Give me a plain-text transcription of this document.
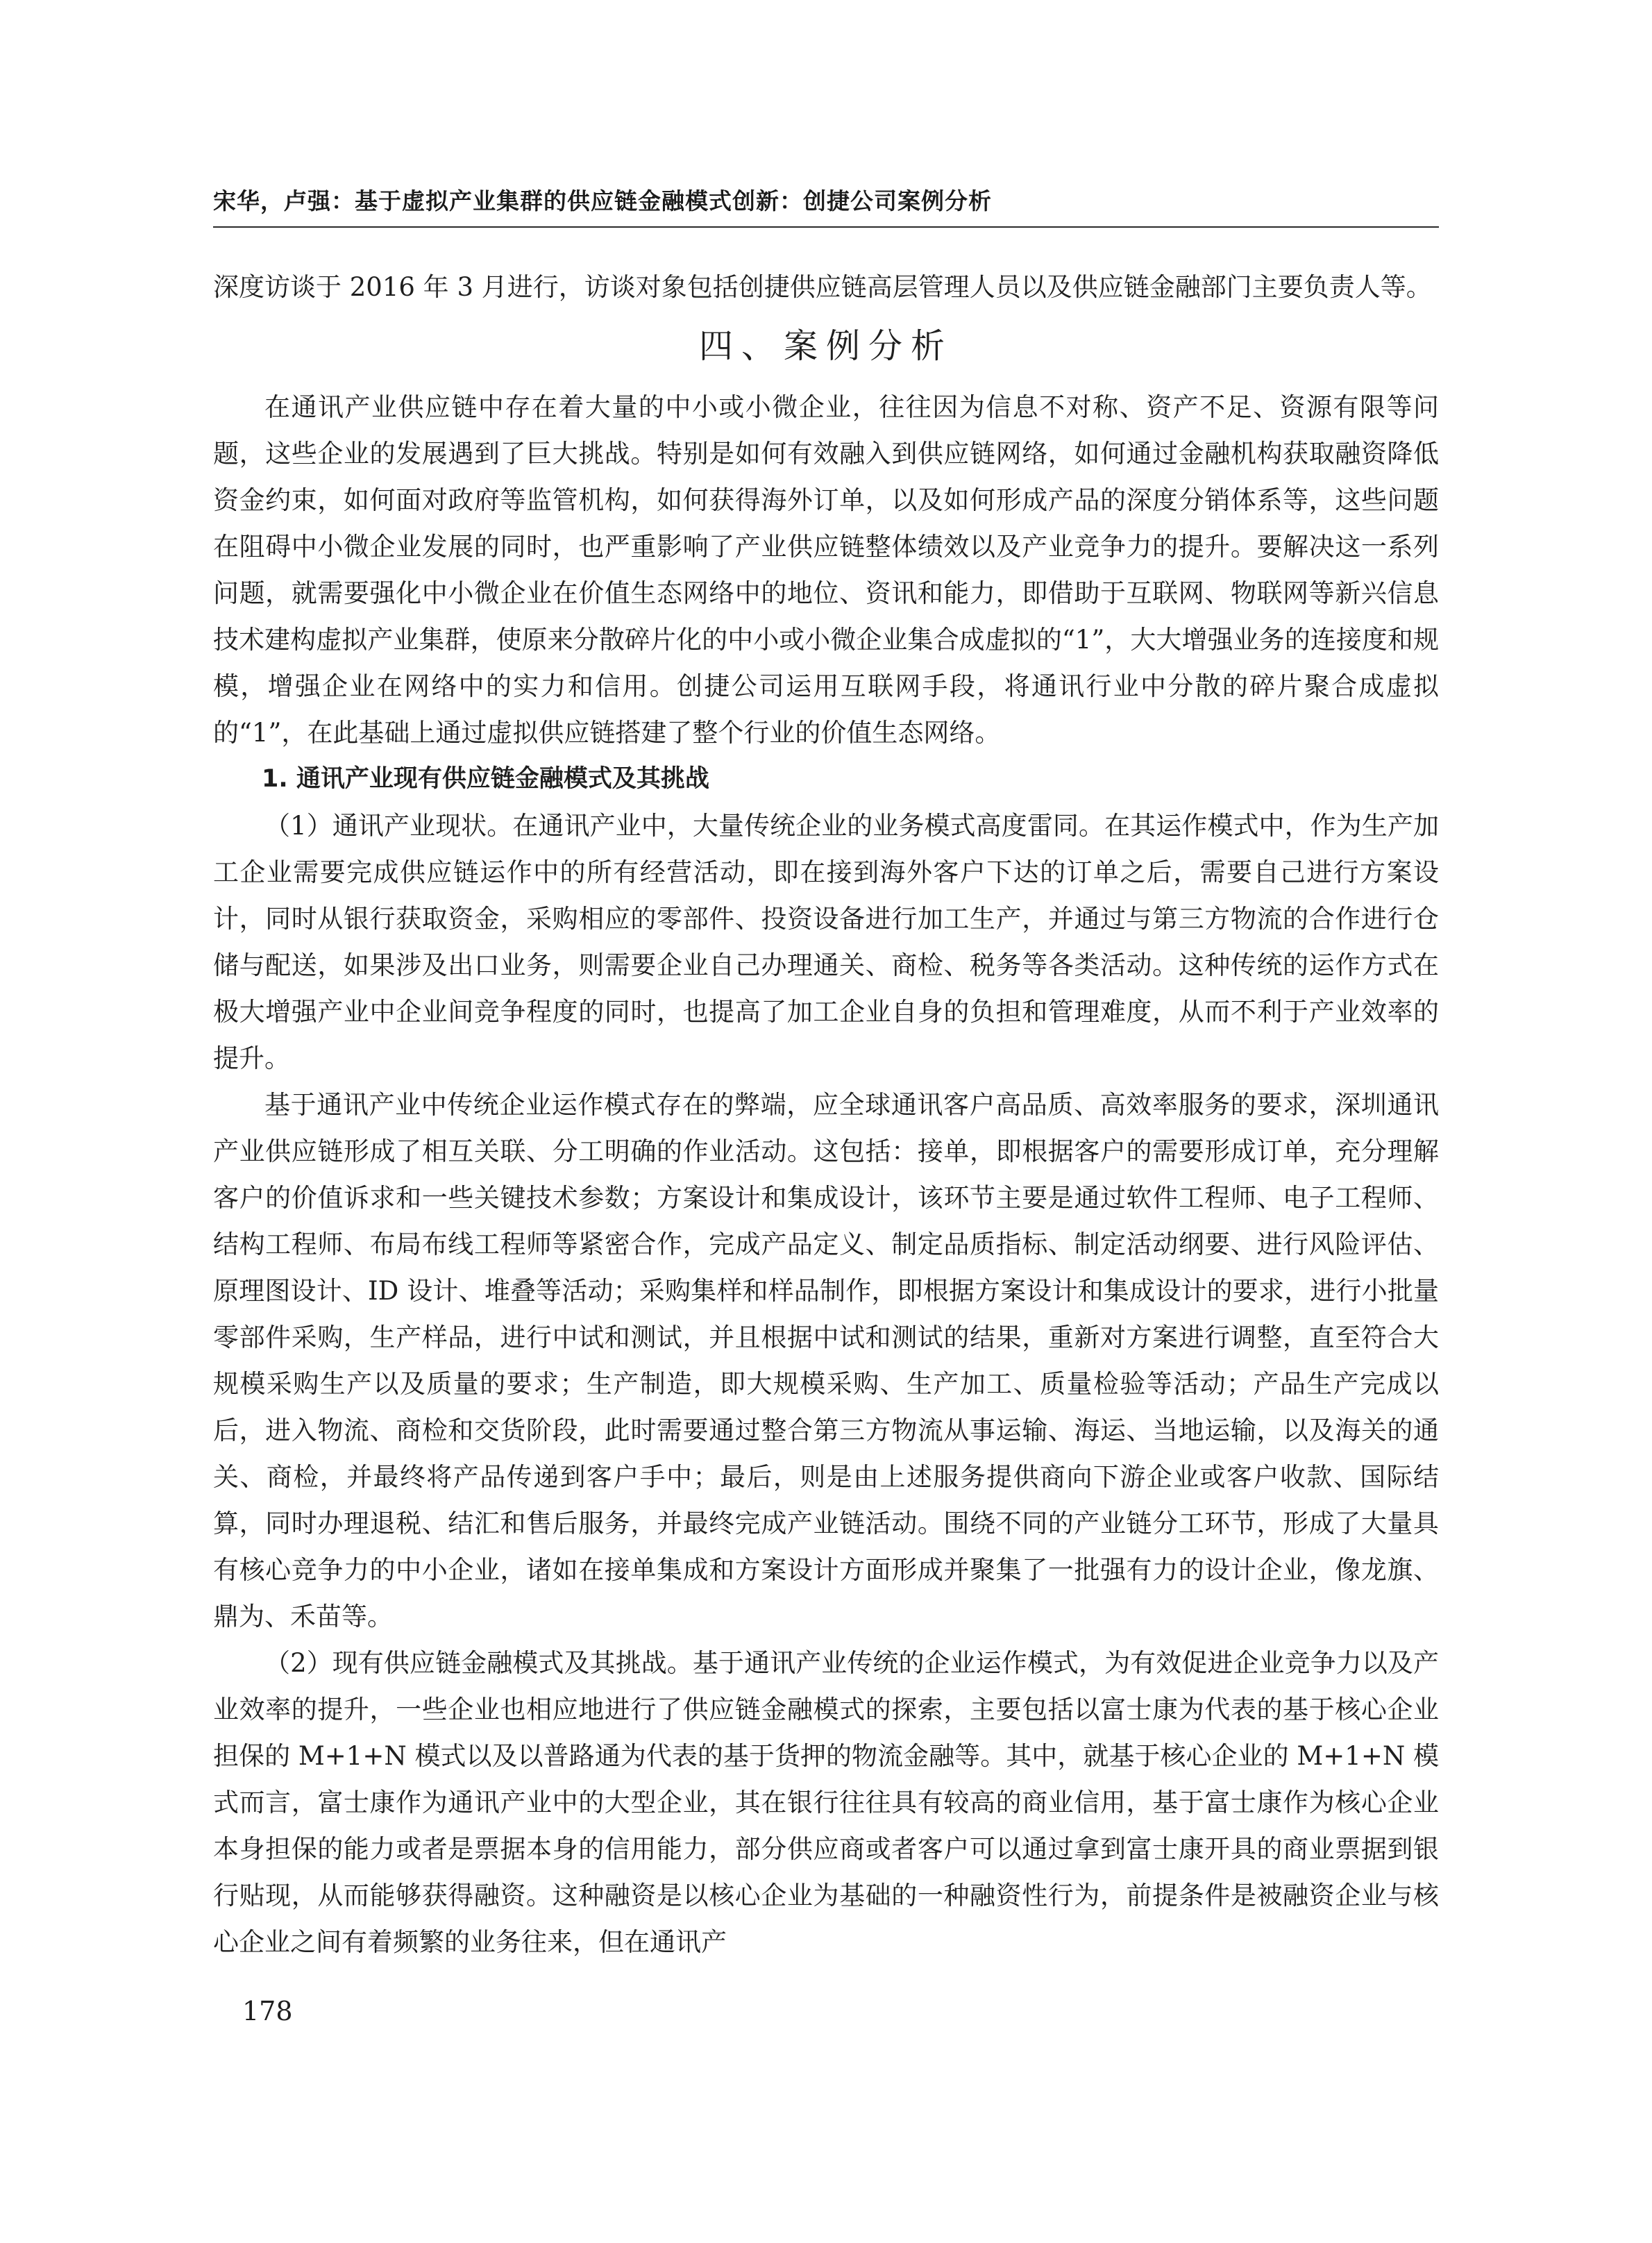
宋华，卢强：基于虚拟产业集群的供应链金融模式创新：创捷公司案例分析

深度访谈于 2016 年 3 月进行，访谈对象包括创捷供应链高层管理人员以及供应链金融部门主要负责人等。

四、案例分析

在通讯产业供应链中存在着大量的中小或小微企业，往往因为信息不对称、资产不足、资源有限等问题，这些企业的发展遇到了巨大挑战。特别是如何有效融入到供应链网络，如何通过金融机构获取融资降低资金约束，如何面对政府等监管机构，如何获得海外订单，以及如何形成产品的深度分销体系等，这些问题在阻碍中小微企业发展的同时，也严重影响了产业供应链整体绩效以及产业竞争力的提升。要解决这一系列问题，就需要强化中小微企业在价值生态网络中的地位、资讯和能力，即借助于互联网、物联网等新兴信息技术建构虚拟产业集群，使原来分散碎片化的中小或小微企业集合成虚拟的“1”，大大增强业务的连接度和规模，增强企业在网络中的实力和信用。创捷公司运用互联网手段，将通讯行业中分散的碎片聚合成虚拟的“1”，在此基础上通过虚拟供应链搭建了整个行业的价值生态网络。

1. 通讯产业现有供应链金融模式及其挑战

（1）通讯产业现状。在通讯产业中，大量传统企业的业务模式高度雷同。在其运作模式中，作为生产加工企业需要完成供应链运作中的所有经营活动，即在接到海外客户下达的订单之后，需要自己进行方案设计，同时从银行获取资金，采购相应的零部件、投资设备进行加工生产，并通过与第三方物流的合作进行仓储与配送，如果涉及出口业务，则需要企业自己办理通关、商检、税务等各类活动。这种传统的运作方式在极大增强产业中企业间竞争程度的同时，也提高了加工企业自身的负担和管理难度，从而不利于产业效率的提升。

基于通讯产业中传统企业运作模式存在的弊端，应全球通讯客户高品质、高效率服务的要求，深圳通讯产业供应链形成了相互关联、分工明确的作业活动。这包括：接单，即根据客户的需要形成订单，充分理解客户的价值诉求和一些关键技术参数；方案设计和集成设计，该环节主要是通过软件工程师、电子工程师、结构工程师、布局布线工程师等紧密合作，完成产品定义、制定品质指标、制定活动纲要、进行风险评估、原理图设计、ID 设计、堆叠等活动；采购集样和样品制作，即根据方案设计和集成设计的要求，进行小批量零部件采购，生产样品，进行中试和测试，并且根据中试和测试的结果，重新对方案进行调整，直至符合大规模采购生产以及质量的要求；生产制造，即大规模采购、生产加工、质量检验等活动；产品生产完成以后，进入物流、商检和交货阶段，此时需要通过整合第三方物流从事运输、海运、当地运输，以及海关的通关、商检，并最终将产品传递到客户手中；最后，则是由上述服务提供商向下游企业或客户收款、国际结算，同时办理退税、结汇和售后服务，并最终完成产业链活动。围绕不同的产业链分工环节，形成了大量具有核心竞争力的中小企业，诸如在接单集成和方案设计方面形成并聚集了一批强有力的设计企业，像龙旗、鼎为、禾苗等。

（2）现有供应链金融模式及其挑战。基于通讯产业传统的企业运作模式，为有效促进企业竞争力以及产业效率的提升，一些企业也相应地进行了供应链金融模式的探索，主要包括以富士康为代表的基于核心企业担保的 M+1+N 模式以及以普路通为代表的基于货押的物流金融等。其中，就基于核心企业的 M+1+N 模式而言，富士康作为通讯产业中的大型企业，其在银行往往具有较高的商业信用，基于富士康作为核心企业本身担保的能力或者是票据本身的信用能力，部分供应商或者客户可以通过拿到富士康开具的商业票据到银行贴现，从而能够获得融资。这种融资是以核心企业为基础的一种融资性行为，前提条件是被融资企业与核心企业之间有着频繁的业务往来，但在通讯产

178
